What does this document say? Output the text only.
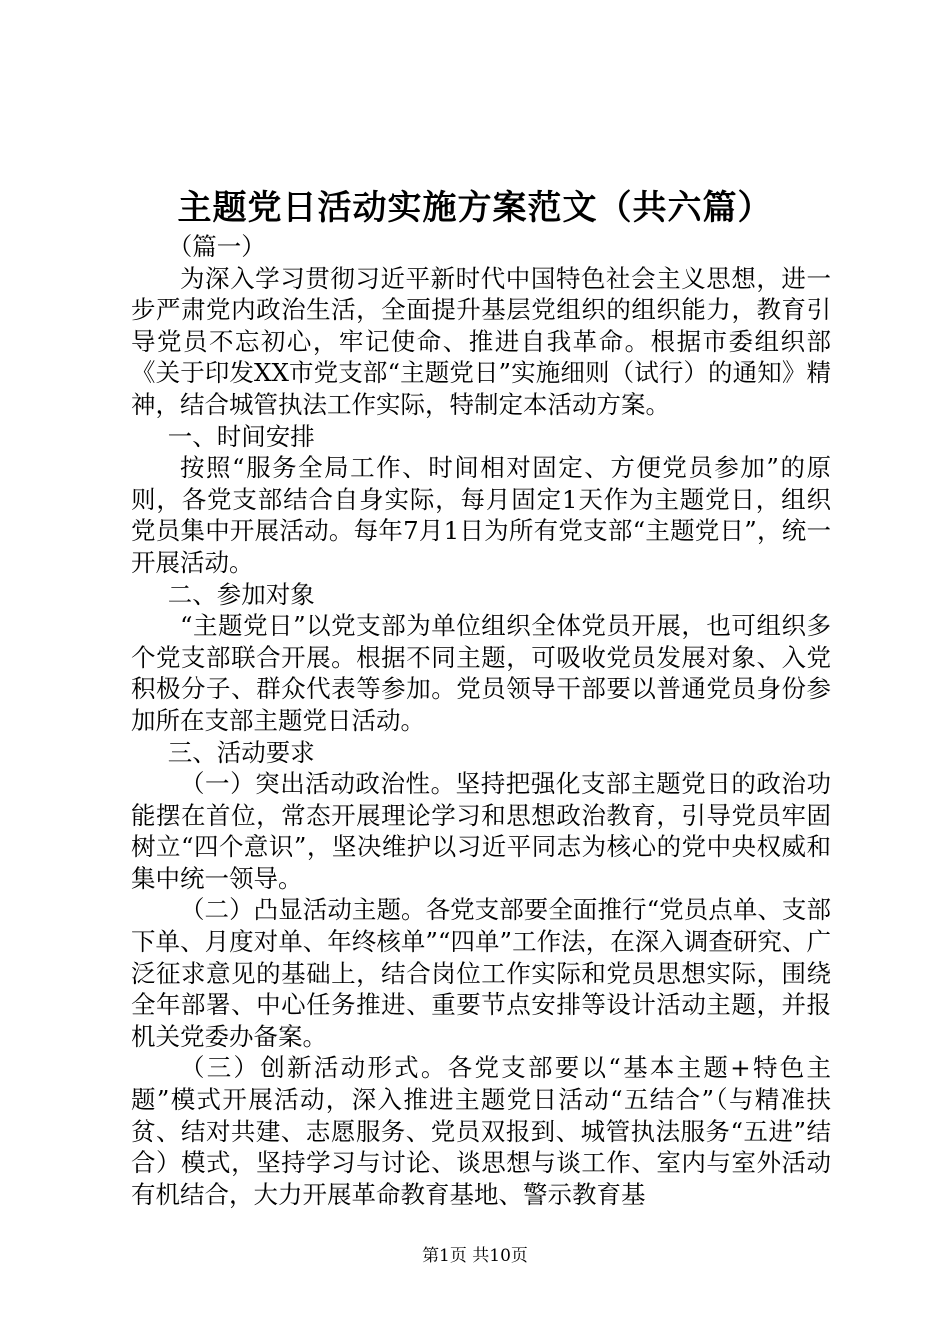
主题党日活动实施方案范文（共六篇）

（篇一）

为深入学习贯彻习近平新时代中国特色社会主义思想，进一步严肃党内政治生活，全面提升基层党组织的组织能力，教育引导党员不忘初心，牢记使命、推进自我革命。根据市委组织部《关于印发XX市党支部“主题党日”实施细则（试行）的通知》精神，结合城管执法工作实际，特制定本活动方案。

一、时间安排

按照“服务全局工作、时间相对固定、方便党员参加”的原则，各党支部结合自身实际，每月固定1天作为主题党日，组织党员集中开展活动。每年7月1日为所有党支部“主题党日”，统一开展活动。

二、参加对象

“主题党日”以党支部为单位组织全体党员开展，也可组织多个党支部联合开展。根据不同主题，可吸收党员发展对象、入党积极分子、群众代表等参加。党员领导干部要以普通党员身份参加所在支部主题党日活动。

三、活动要求

（一）突出活动政治性。坚持把强化支部主题党日的政治功能摆在首位，常态开展理论学习和思想政治教育，引导党员牢固树立“四个意识”，坚决维护以习近平同志为核心的党中央权威和集中统一领导。

（二）凸显活动主题。各党支部要全面推行“党员点单、支部下单、月度对单、年终核单”“四单”工作法，在深入调查研究、广泛征求意见的基础上，结合岗位工作实际和党员思想实际，围绕全年部署、中心任务推进、重要节点安排等设计活动主题，并报机关党委办备案。

（三）创新活动形式。各党支部要以“基本主题+特色主题”模式开展活动，深入推进主题党日活动“五结合”（与精准扶贫、结对共建、志愿服务、党员双报到、城管执法服务“五进”结合）模式，坚持学习与讨论、谈思想与谈工作、室内与室外活动有机结合，大力开展革命教育基地、警示教育基

第1页 共10页
